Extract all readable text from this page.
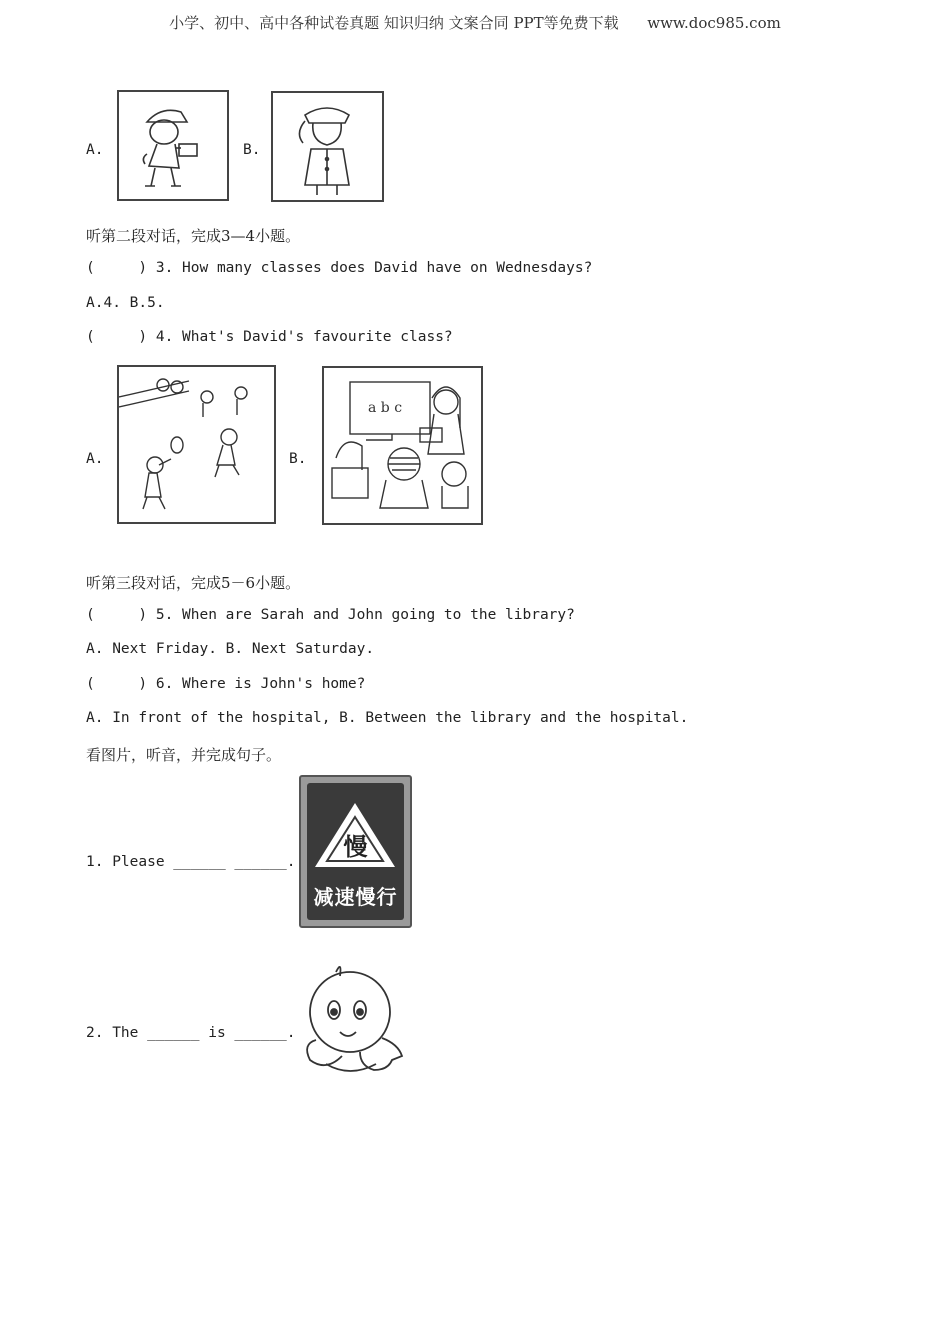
小学、初中、高中各种试卷真题 知识归纳 文案合同 PPT等免费下载      www.doc985.com
A.	B.
听第二段对话，完成3—4小题。
(     ) 3. How many classes does David have on Wednesdays?
A.4. B.5.
(     ) 4. What's David's favourite class?
A.	B.
a b c
听第三段对话，完成5－6小题。
(     ) 5. When are Sarah and John going to the library?
A. Next Friday. B. Next Saturday.
(     ) 6. Where is John's home?
A. In front of the hospital, B. Between the library and the hospital.
看图片，听音，并完成句子。
1. Please ______ ______.
慢
减速慢行
2. The ______ is ______.
